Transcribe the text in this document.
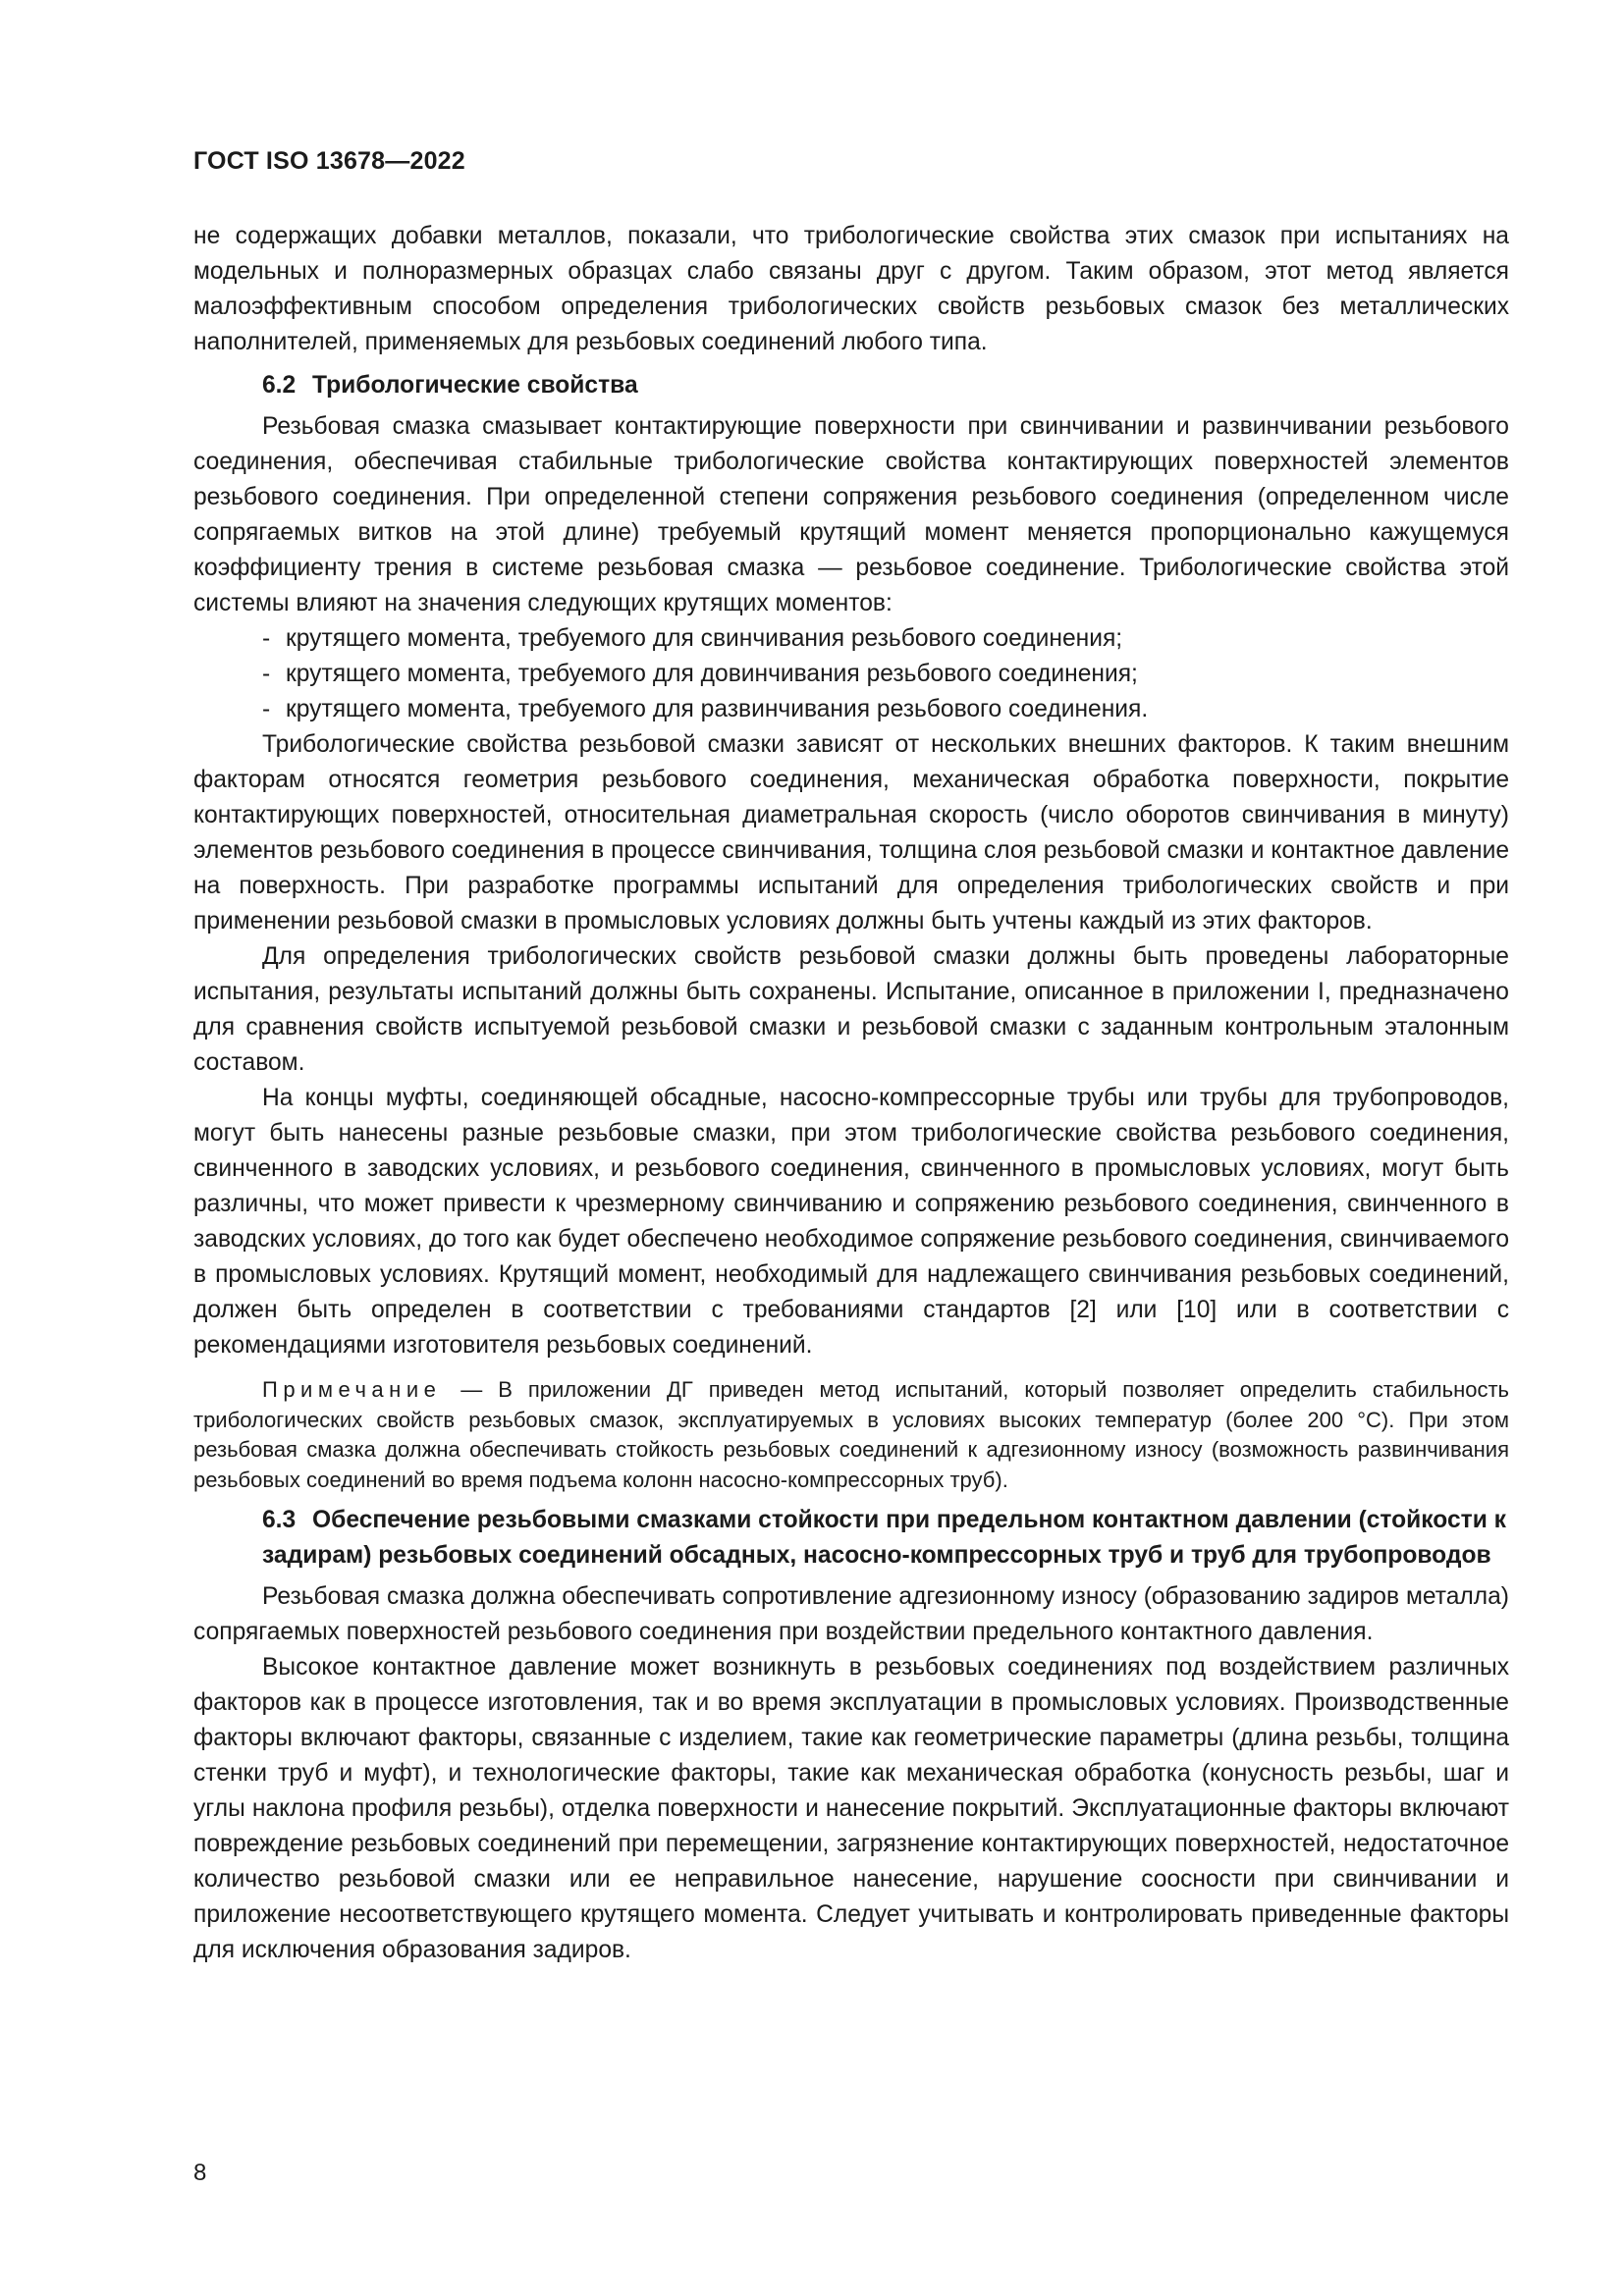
ГОСТ ISO 13678—2022

не содержащих добавки металлов, показали, что трибологические свойства этих смазок при испытаниях на модельных и полноразмерных образцах слабо связаны друг с другом. Таким образом, этот метод является малоэффективным способом определения трибологических свойств резьбовых смазок без металлических наполнителей, применяемых для резьбовых соединений любого типа.

6.2 Трибологические свойства

Резьбовая смазка смазывает контактирующие поверхности при свинчивании и развинчивании резьбового соединения, обеспечивая стабильные трибологические свойства контактирующих поверхностей элементов резьбового соединения. При определенной степени сопряжения резьбового соединения (определенном числе сопрягаемых витков на этой длине) требуемый крутящий момент меняется пропорционально кажущемуся коэффициенту трения в системе резьбовая смазка — резьбовое соединение. Трибологические свойства этой системы влияют на значения следующих крутящих моментов:

- крутящего момента, требуемого для свинчивания резьбового соединения;
- крутящего момента, требуемого для довинчивания резьбового соединения;
- крутящего момента, требуемого для развинчивания резьбового соединения.

Трибологические свойства резьбовой смазки зависят от нескольких внешних факторов. К таким внешним факторам относятся геометрия резьбового соединения, механическая обработка поверхности, покрытие контактирующих поверхностей, относительная диаметральная скорость (число оборотов свинчивания в минуту) элементов резьбового соединения в процессе свинчивания, толщина слоя резьбовой смазки и контактное давление на поверхность. При разработке программы испытаний для определения трибологических свойств и при применении резьбовой смазки в промысловых условиях должны быть учтены каждый из этих факторов.

Для определения трибологических свойств резьбовой смазки должны быть проведены лабораторные испытания, результаты испытаний должны быть сохранены. Испытание, описанное в приложении I, предназначено для сравнения свойств испытуемой резьбовой смазки и резьбовой смазки с заданным контрольным эталонным составом.

На концы муфты, соединяющей обсадные, насосно-компрессорные трубы или трубы для трубопроводов, могут быть нанесены разные резьбовые смазки, при этом трибологические свойства резьбового соединения, свинченного в заводских условиях, и резьбового соединения, свинченного в промысловых условиях, могут быть различны, что может привести к чрезмерному свинчиванию и сопряжению резьбового соединения, свинченного в заводских условиях, до того как будет обеспечено необходимое сопряжение резьбового соединения, свинчиваемого в промысловых условиях. Крутящий момент, необходимый для надлежащего свинчивания резьбовых соединений, должен быть определен в соответствии с требованиями стандартов [2] или [10] или в соответствии с рекомендациями изготовителя резьбовых соединений.

Примечание — В приложении ДГ приведен метод испытаний, который позволяет определить стабильность трибологических свойств резьбовых смазок, эксплуатируемых в условиях высоких температур (более 200 °С). При этом резьбовая смазка должна обеспечивать стойкость резьбовых соединений к адгезионному износу (возможность развинчивания резьбовых соединений во время подъема колонн насосно-компрессорных труб).

6.3 Обеспечение резьбовыми смазками стойкости при предельном контактном давлении (стойкости к задирам) резьбовых соединений обсадных, насосно-компрессорных труб и труб для трубопроводов

Резьбовая смазка должна обеспечивать сопротивление адгезионному износу (образованию задиров металла) сопрягаемых поверхностей резьбового соединения при воздействии предельного контактного давления.

Высокое контактное давление может возникнуть в резьбовых соединениях под воздействием различных факторов как в процессе изготовления, так и во время эксплуатации в промысловых условиях. Производственные факторы включают факторы, связанные с изделием, такие как геометрические параметры (длина резьбы, толщина стенки труб и муфт), и технологические факторы, такие как механическая обработка (конусность резьбы, шаг и углы наклона профиля резьбы), отделка поверхности и нанесение покрытий. Эксплуатационные факторы включают повреждение резьбовых соединений при перемещении, загрязнение контактирующих поверхностей, недостаточное количество резьбовой смазки или ее неправильное нанесение, нарушение соосности при свинчивании и приложение несоответствующего крутящего момента. Следует учитывать и контролировать приведенные факторы для исключения образования задиров.

8
